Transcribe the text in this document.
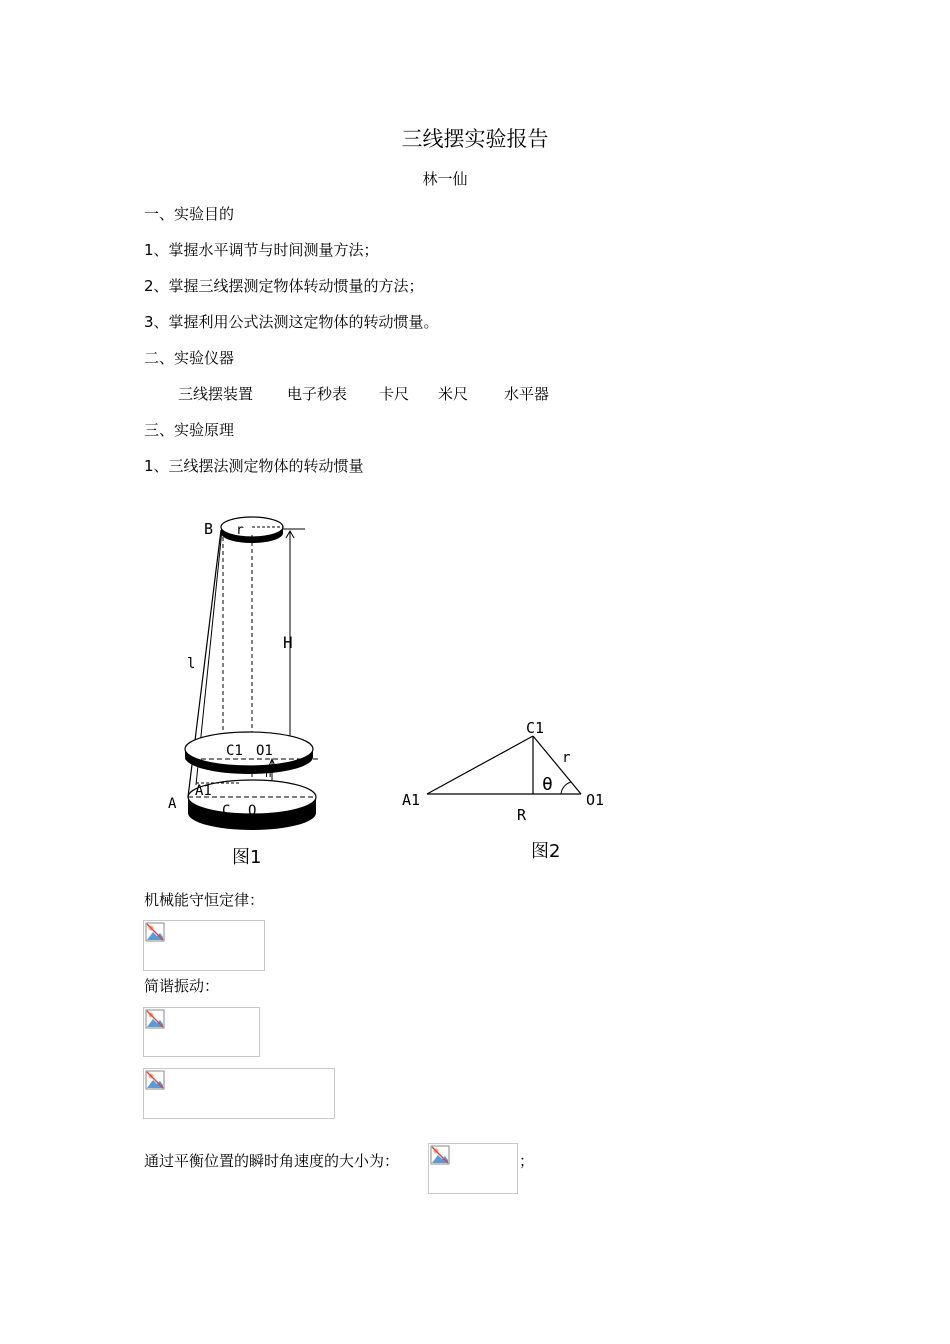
三线摆实验报告
林一仙
一、实验目的
1、掌握水平调节与时间测量方法；
2、掌握三线摆测定物体转动惯量的方法；
3、掌握利用公式法测这定物体的转动惯量。
二、实验仪器
三线摆装置 电子秒表 卡尺 米尺 水平器
三、实验原理
1、三线摆法测定物体的转动惯量
B r
H
l
C1 O1
h
A
A1
C O
图1
C1
r
θ
A1
R
O1
图2
机械能守恒定律：
简谐振动：
通过平衡位置的瞬时角速度的大小为：	；
